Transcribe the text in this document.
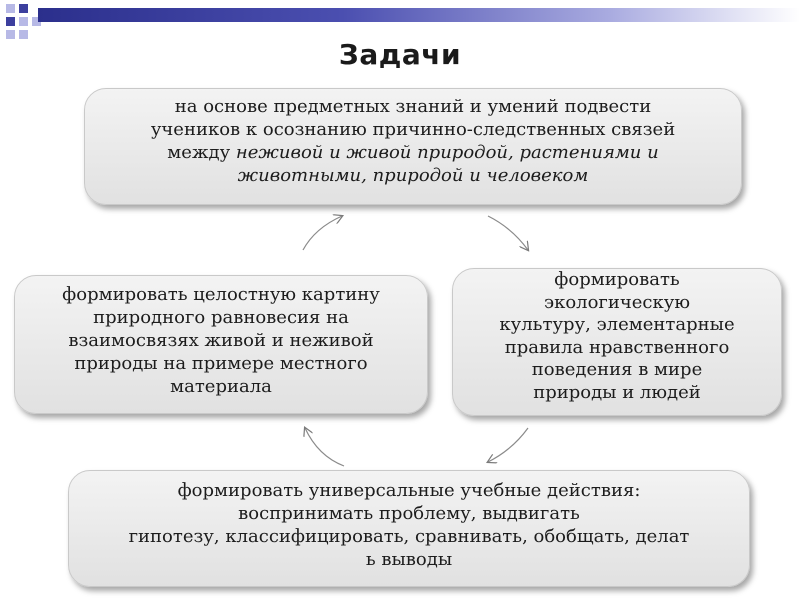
Задачи
на основе предметных знаний и умений подвести
учеников к осознанию причинно-следственных связей
между неживой и живой природой, растениями и
животными, природой и человеком
формировать целостную картину
природного равновесия на
взаимосвязях живой и неживой
природы на примере местного
материала
формировать
экологическую
культуру, элементарные
правила нравственного
поведения в мире
природы и людей
формировать универсальные учебные действия:
воспринимать проблему, выдвигать
гипотезу, классифицировать, сравнивать, обобщать, делат
ь выводы
